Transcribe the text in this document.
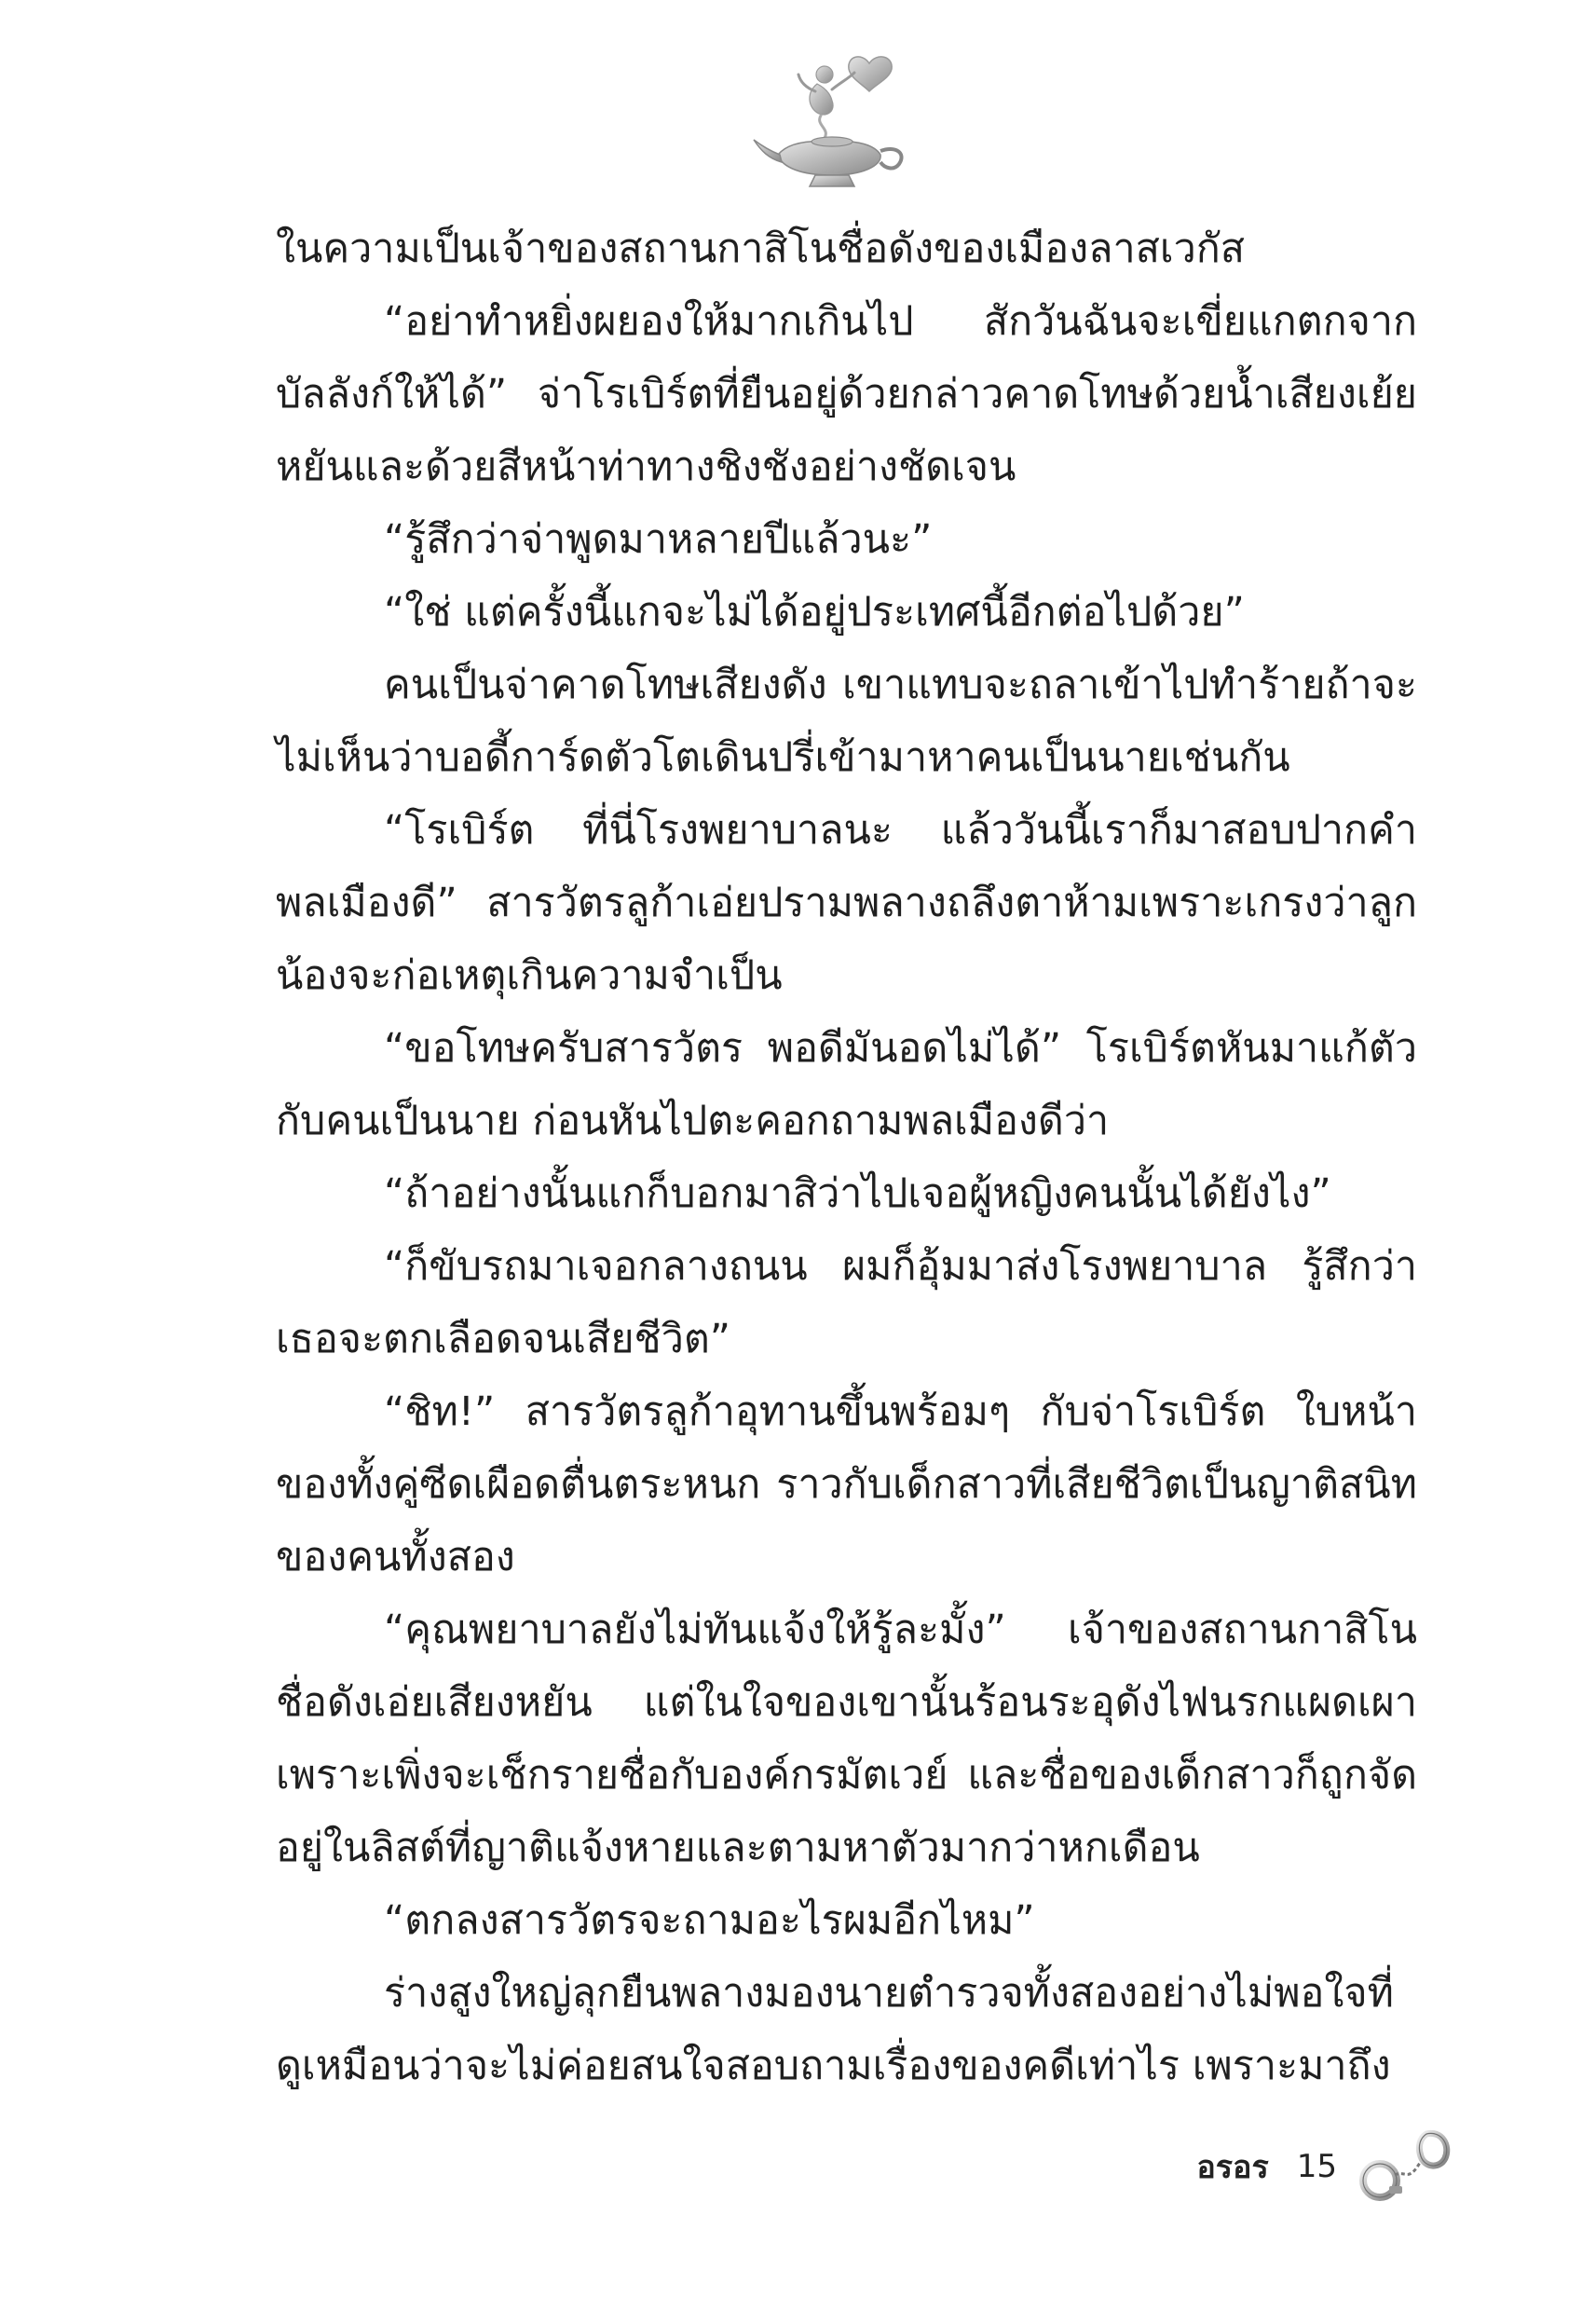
ในความเป็นเจ้าของสถานกาสิโนชื่อดังของเมืองลาสเวกัส

“อย่าทำหยิ่งผยองให้มากเกินไป สักวันฉันจะเขี่ยแกตกจากบัลลังก์ให้ได้” จ่าโรเบิร์ตที่ยืนอยู่ด้วยกล่าวคาดโทษด้วยน้ำเสียงเย้ยหยันและด้วยสีหน้าท่าทางชิงชังอย่างชัดเจน

“รู้สึกว่าจ่าพูดมาหลายปีแล้วนะ”

“ใช่ แต่ครั้งนี้แกจะไม่ได้อยู่ประเทศนี้อีกต่อไปด้วย”

คนเป็นจ่าคาดโทษเสียงดัง เขาแทบจะถลาเข้าไปทำร้ายถ้าจะไม่เห็นว่าบอดี้การ์ดตัวโตเดินปรี่เข้ามาหาคนเป็นนายเช่นกัน

“โรเบิร์ต ที่นี่โรงพยาบาลนะ แล้ววันนี้เราก็มาสอบปากคำพลเมืองดี” สารวัตรลูก้าเอ่ยปรามพลางถลึงตาห้ามเพราะเกรงว่าลูกน้องจะก่อเหตุเกินความจำเป็น

“ขอโทษครับสารวัตร พอดีมันอดไม่ได้” โรเบิร์ตหันมาแก้ตัวกับคนเป็นนาย ก่อนหันไปตะคอกถามพลเมืองดีว่า

“ถ้าอย่างนั้นแกก็บอกมาสิว่าไปเจอผู้หญิงคนนั้นได้ยังไง”

“ก็ขับรถมาเจอกลางถนน ผมก็อุ้มมาส่งโรงพยาบาล รู้สึกว่าเธอจะตกเลือดจนเสียชีวิต”

“ชิท!” สารวัตรลูก้าอุทานขึ้นพร้อมๆ กับจ่าโรเบิร์ต ใบหน้าของทั้งคู่ซีดเผือดตื่นตระหนก ราวกับเด็กสาวที่เสียชีวิตเป็นญาติสนิทของคนทั้งสอง

“คุณพยาบาลยังไม่ทันแจ้งให้รู้ละมั้ง” เจ้าของสถานกาสิโนชื่อดังเอ่ยเสียงหยัน แต่ในใจของเขานั้นร้อนระอุดังไฟนรกแผดเผา เพราะเพิ่งจะเช็กรายชื่อกับองค์กรมัตเวย์ และชื่อของเด็กสาวก็ถูกจัดอยู่ในลิสต์ที่ญาติแจ้งหายและตามหาตัวมากว่าหกเดือน

“ตกลงสารวัตรจะถามอะไรผมอีกไหม”

ร่างสูงใหญ่ลุกยืนพลางมองนายตำรวจทั้งสองอย่างไม่พอใจที่ดูเหมือนว่าจะไม่ค่อยสนใจสอบถามเรื่องของคดีเท่าไร เพราะมาถึง

อรอร 15
